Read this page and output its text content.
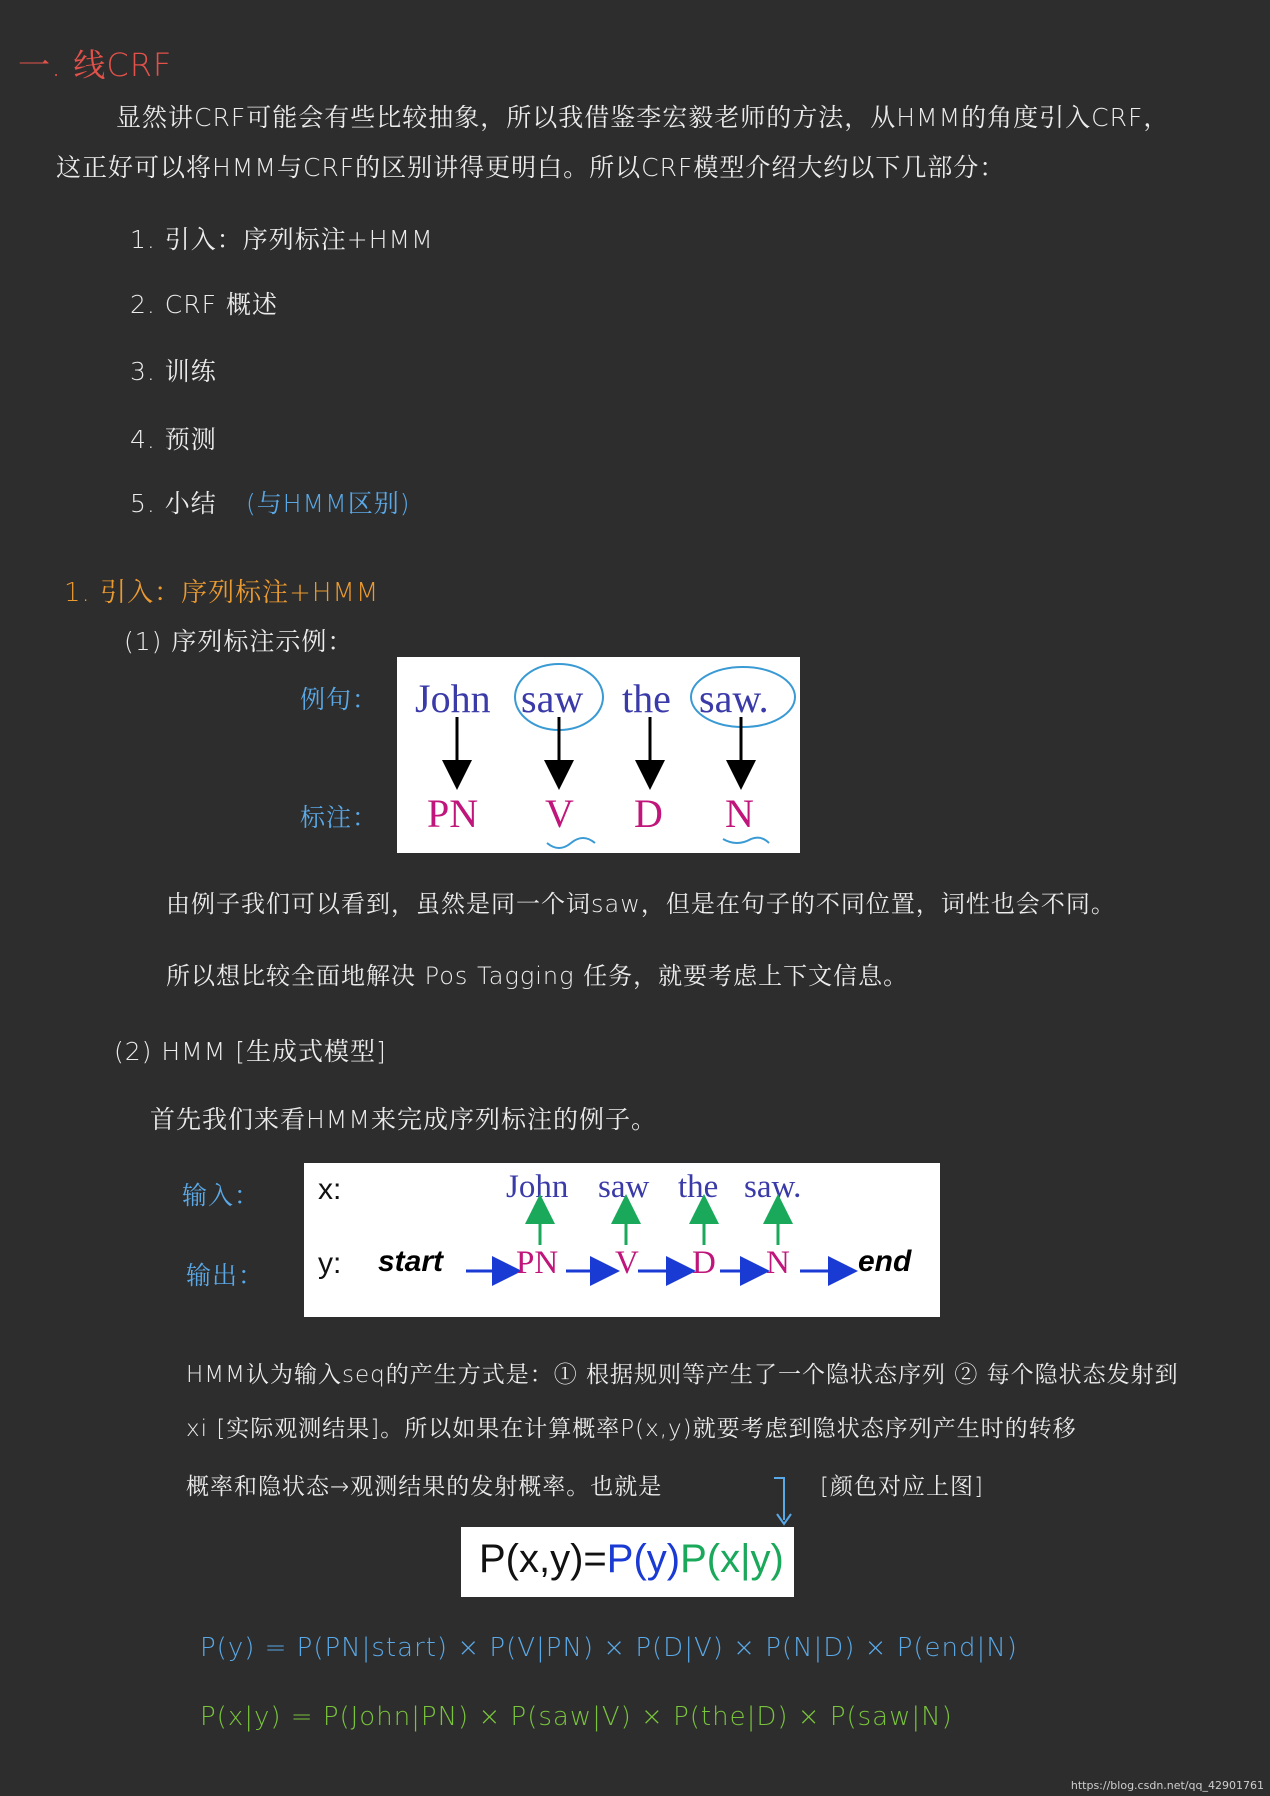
一. 线CRF
显然讲CRF可能会有些比较抽象，所以我借鉴李宏毅老师的方法，从HMM的角度引入CRF，
这正好可以将HMM与CRF的区别讲得更明白。所以CRF模型介绍大约以下几部分：
1. 引入：序列标注+HMM
2. CRF 概述
3. 训练
4. 预测
5. 小结 (与HMM区别)
1. 引入：序列标注+HMM
(1) 序列标注示例：
例句：
标注：
John saw the saw.
PN V D N
由例子我们可以看到，虽然是同一个词saw，但是在句子的不同位置，词性也会不同。
所以想比较全面地解决 Pos Tagging 任务，就要考虑上下文信息。
(2) HMM [生成式模型]
首先我们来看HMM来完成序列标注的例子。
输入：
输出：
x:
y:
John saw the saw.
start PN V D N end
HMM认为输入seq的产生方式是：① 根据规则等产生了一个隐状态序列 ② 每个隐状态发射到
xi [实际观测结果]。所以如果在计算概率P(x,y)就要考虑到隐状态序列产生时的转移
概率和隐状态→观测结果的发射概率。也就是	[颜色对应上图]
P(x,y)=P(y)P(x|y)
P(y) = P(PN|start) × P(V|PN) × P(D|V) × P(N|D) × P(end|N)
P(x|y) = P(John|PN) × P(saw|V) × P(the|D) × P(saw|N)
https://blog.csdn.net/qq_42901761
